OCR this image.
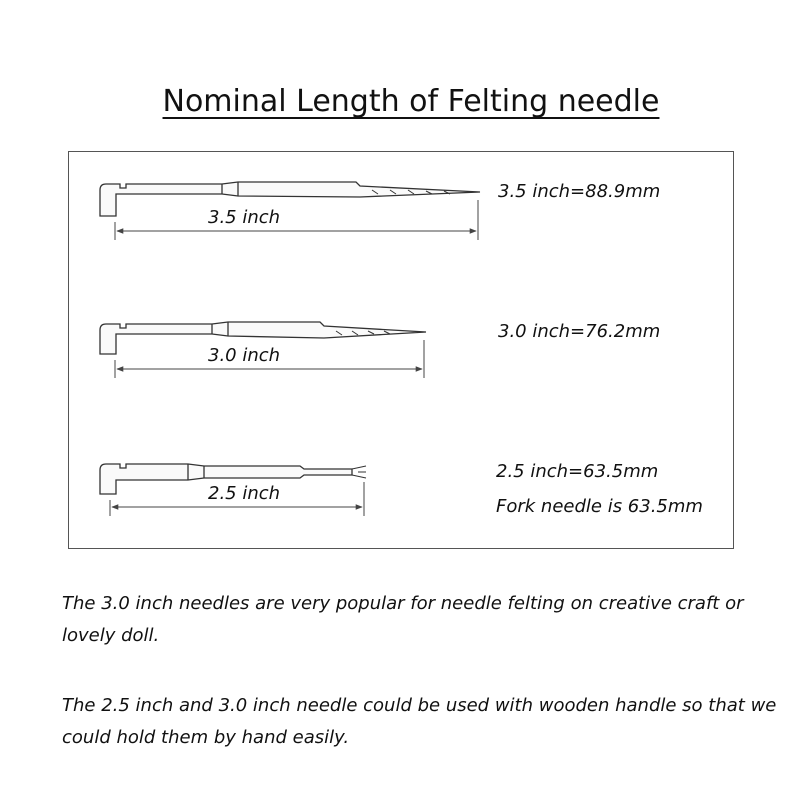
Nominal Length of Felting needle
3.5 inch
3.0 inch
2.5 inch
3.5 inch=88.9mm
3.0 inch=76.2mm
2.5 inch=63.5mm
Fork needle is 63.5mm
The 3.0 inch needles are very popular for needle felting on creative craft or lovely doll.
The 2.5 inch and 3.0 inch needle could be used with wooden handle so that we could hold them by hand easily.
